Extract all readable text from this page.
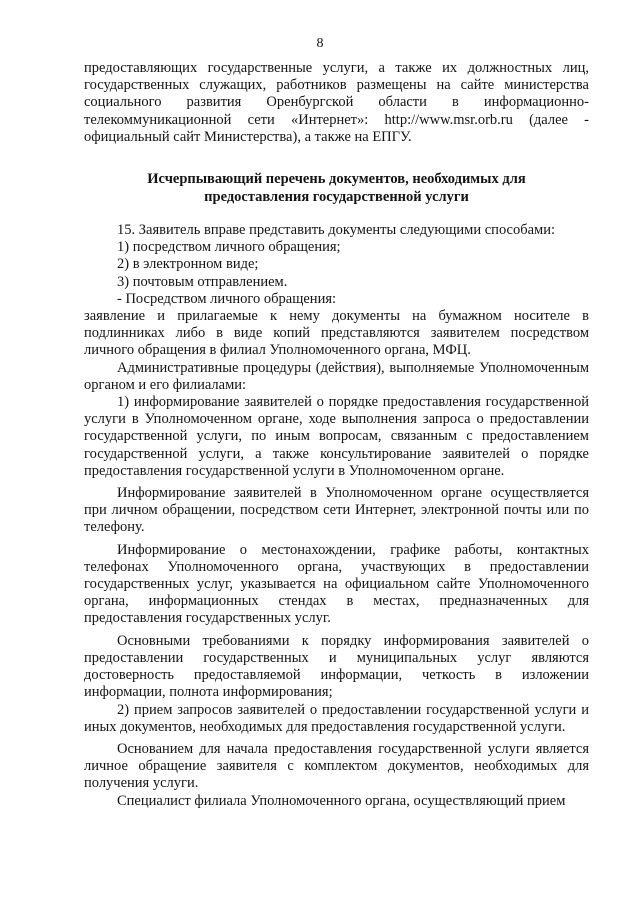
8

предоставляющих государственные услуги, а также их должностных лиц, государственных служащих, работников размещены на сайте министерства социального развития Оренбургской области в информационно-телекоммуникационной сети «Интернет»: http://www.msr.orb.ru (далее - официальный сайт Министерства), а также на ЕПГУ.

Исчерпывающий перечень документов, необходимых для предоставления государственной услуги

15. Заявитель вправе представить документы следующими способами:

1) посредством личного обращения;

2) в электронном виде;

3) почтовым отправлением.

- Посредством личного обращения:

заявление и прилагаемые к нему документы на бумажном носителе в подлинниках либо в виде копий представляются заявителем посредством личного обращения в филиал Уполномоченного органа, МФЦ.

Административные процедуры (действия), выполняемые Уполномоченным органом и его филиалами:

1) информирование заявителей о порядке предоставления государственной услуги в Уполномоченном органе, ходе выполнения запроса о предоставлении государственной услуги, по иным вопросам, связанным с предоставлением государственной услуги, а также консультирование заявителей о порядке предоставления государственной услуги в Уполномоченном органе.

Информирование заявителей в Уполномоченном органе осуществляется при личном обращении, посредством сети Интернет, электронной почты или по телефону.

Информирование о местонахождении, графике работы, контактных телефонах Уполномоченного органа, участвующих в предоставлении государственных услуг, указывается на официальном сайте Уполномоченного органа, информационных стендах в местах, предназначенных для предоставления государственных услуг.

Основными требованиями к порядку информирования заявителей о предоставлении государственных и муниципальных услуг являются достоверность предоставляемой информации, четкость в изложении информации, полнота информирования;

2) прием запросов заявителей о предоставлении государственной услуги и иных документов, необходимых для предоставления государственной услуги.

Основанием для начала предоставления государственной услуги является личное обращение заявителя с комплектом документов, необходимых для получения услуги.

Специалист филиала Уполномоченного органа, осуществляющий прием
